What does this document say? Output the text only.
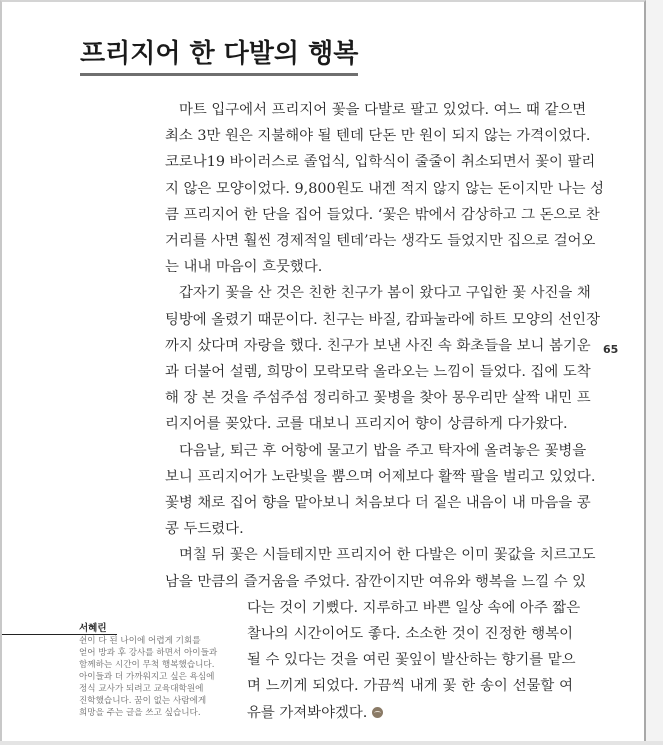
프리지어 한 다발의 행복
마트 입구에서 프리지어 꽃을 다발로 팔고 있었다. 여느 때 같으면
최소 3만 원은 지불해야 될 텐데 단돈 만 원이 되지 않는 가격이었다.
코로나19 바이러스로 졸업식, 입학식이 줄줄이 취소되면서 꽃이 팔리
지 않은 모양이었다. 9,800원도 내겐 적지 않지 않는 돈이지만 나는 성
큼 프리지어 한 단을 집어 들었다. ‘꽃은 밖에서 감상하고 그 돈으로 찬
거리를 사면 훨씬 경제적일 텐데’라는 생각도 들었지만 집으로 걸어오
는 내내 마음이 흐뭇했다.
갑자기 꽃을 산 것은 친한 친구가 봄이 왔다고 구입한 꽃 사진을 채
팅방에 올렸기 때문이다. 친구는 바질, 캄파눌라에 하트 모양의 선인장
까지 샀다며 자랑을 했다. 친구가 보낸 사진 속 화초들을 보니 봄기운
과 더불어 설렘, 희망이 모락모락 올라오는 느낌이 들었다. 집에 도착
해 장 본 것을 주섬주섬 정리하고 꽃병을 찾아 몽우리만 살짝 내민 프
리지어를 꽂았다. 코를 대보니 프리지어 향이 상큼하게 다가왔다.
다음날, 퇴근 후 어항에 물고기 밥을 주고 탁자에 올려놓은 꽃병을
보니 프리지어가 노란빛을 뿜으며 어제보다 활짝 팔을 벌리고 있었다.
꽃병 채로 집어 향을 맡아보니 처음보다 더 짙은 내음이 내 마음을 콩
콩 두드렸다.
며칠 뒤 꽃은 시들테지만 프리지어 한 다발은 이미 꽃값을 치르고도
남을 만큼의 즐거움을 주었다. 잠깐이지만 여유와 행복을 느낄 수 있
다는 것이 기뻤다. 지루하고 바쁜 일상 속에 아주 짧은
찰나의 시간이어도 좋다. 소소한 것이 진정한 행복이
될 수 있다는 것을 여린 꽃잎이 발산하는 향기를 맡으
며 느끼게 되었다. 가끔씩 내게 꽃 한 송이 선물할 여
유를 가져봐야겠다.
65
서혜린
쉰이 다 된 나이에 어렵게 기회를
얻어 방과 후 강사를 하면서 아이들과
함께하는 시간이 무척 행복했습니다.
아이들과 더 가까워지고 싶은 욕심에
정식 교사가 되려고 교육대학원에
진학했습니다. 꿈이 없는 사람에게
희망을 주는 글을 쓰고 싶습니다.
